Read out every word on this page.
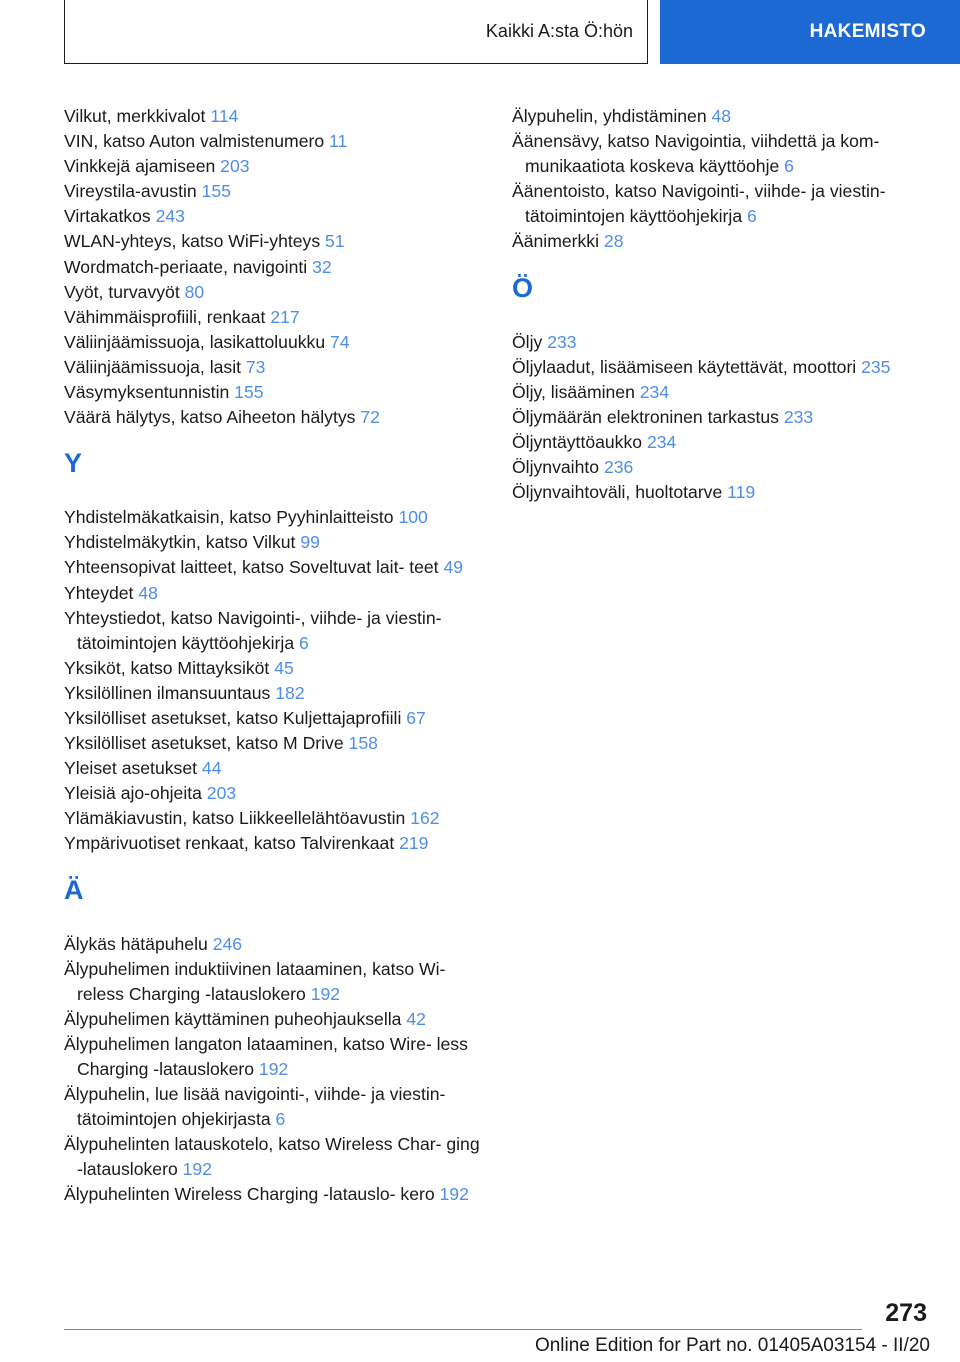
Kaikki A:sta Ö:hön	HAKEMISTO
Vilkut, merkkivalot 114
VIN, katso Auton valmistenumero 11
Vinkkejä ajamiseen 203
Vireystila-avustin 155
Virtakatkos 243
WLAN-yhteys, katso WiFi-yhteys 51
Wordmatch-periaate, navigointi 32
Vyöt, turvavyöt 80
Vähimmäisprofiili, renkaat 217
Väliinjäämissuoja, lasikattoluukku 74
Väliinjäämissuoja, lasit 73
Väsymyksentunnistin 155
Väärä hälytys, katso Aiheeton hälytys 72
Y
Yhdistelmäkatkaisin, katso Pyyhinlaitteisto 100
Yhdistelmäkytkin, katso Vilkut 99
Yhteensopivat laitteet, katso Soveltuvat lait‐ teet 49
Yhteydet 48
Yhteystiedot, katso Navigointi-, viihde- ja viestin‐ tätoimintojen käyttöohjekirja 6
Yksiköt, katso Mittayksiköt 45
Yksilöllinen ilmansuuntaus 182
Yksilölliset asetukset, katso Kuljettajaprofiili 67
Yksilölliset asetukset, katso M Drive 158
Yleiset asetukset 44
Yleisiä ajo-ohjeita 203
Ylämäkiavustin, katso Liikkeellelähtöavustin 162
Ympärivuotiset renkaat, katso Talvirenkaat 219
Ä
Älykäs hätäpuhelu 246
Älypuhelimen induktiivinen lataaminen, katso Wi‐ reless Charging -latauslokero 192
Älypuhelimen käyttäminen puheohjauksella 42
Älypuhelimen langaton lataaminen, katso Wire‐ less Charging -latauslokero 192
Älypuhelin, lue lisää navigointi-, viihde- ja viestin‐ tätoimintojen ohjekirjasta 6
Älypuhelinten latauskotelo, katso Wireless Char‐ ging -latauslokero 192
Älypuhelinten Wireless Charging -latauslo‐ kero 192
Älypuhelin, yhdistäminen 48
Äänensävy, katso Navigointia, viihdettä ja kom‐ munikaatiota koskeva käyttöohje 6
Äänentoisto, katso Navigointi-, viihde- ja viestin‐ tätoimintojen käyttöohjekirja 6
Äänimerkki 28
Ö
Öljy 233
Öljylaadut, lisäämiseen käytettävät, moottori 235
Öljy, lisääminen 234
Öljymäärän elektroninen tarkastus 233
Öljyntäyttöaukko 234
Öljynvaihto 236
Öljynvaihtoväli, huoltotarve 119
273
Online Edition for Part no. 01405A03154 - II/20
